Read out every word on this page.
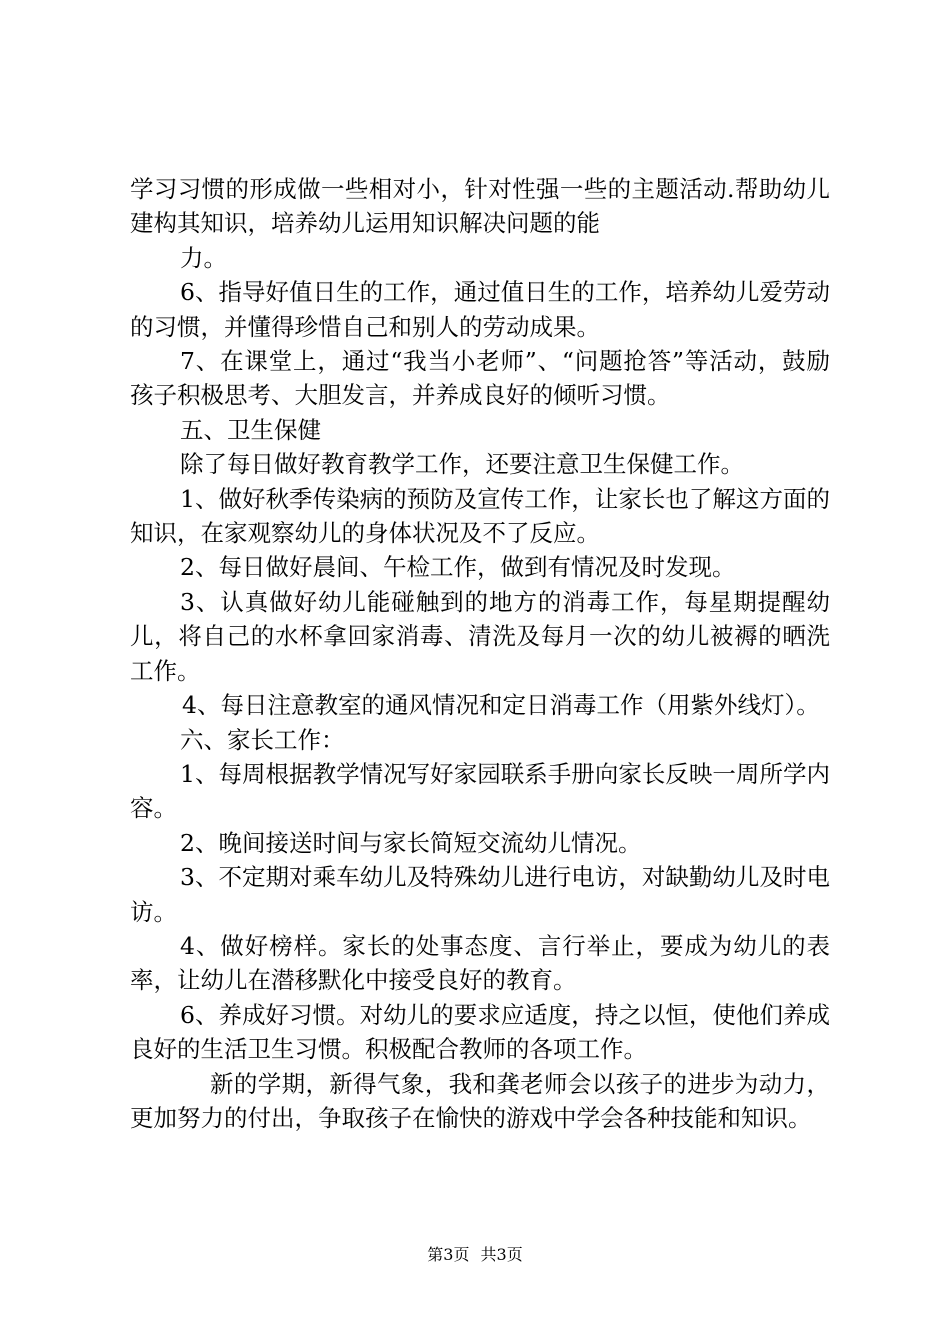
学习习惯的形成做一些相对小，针对性强一些的主题活动.帮助幼儿建构其知识，培养幼儿运用知识解决问题的能

力。

6、指导好值日生的工作，通过值日生的工作，培养幼儿爱劳动的习惯，并懂得珍惜自己和别人的劳动成果。

7、在课堂上，通过“我当小老师”、“问题抢答”等活动，鼓励孩子积极思考、大胆发言，并养成良好的倾听习惯。

五、卫生保健

除了每日做好教育教学工作，还要注意卫生保健工作。

1、做好秋季传染病的预防及宣传工作，让家长也了解这方面的知识，在家观察幼儿的身体状况及不了反应。

2、每日做好晨间、午检工作，做到有情况及时发现。

3、认真做好幼儿能碰触到的地方的消毒工作，每星期提醒幼儿，将自己的水杯拿回家消毒、清洗及每月一次的幼儿被褥的晒洗工作。

4、每日注意教室的通风情况和定日消毒工作（用紫外线灯）。

六、家长工作：

1、每周根据教学情况写好家园联系手册向家长反映一周所学内容。

2、晚间接送时间与家长简短交流幼儿情况。

3、不定期对乘车幼儿及特殊幼儿进行电访，对缺勤幼儿及时电访。

4、做好榜样。家长的处事态度、言行举止，要成为幼儿的表率，让幼儿在潜移默化中接受良好的教育。

6、养成好习惯。对幼儿的要求应适度，持之以恒，使他们养成良好的生活卫生习惯。积极配合教师的各项工作。

新的学期，新得气象，我和龚老师会以孩子的进步为动力，更加努力的付出，争取孩子在愉快的游戏中学会各种技能和知识。

第3页 共3页
